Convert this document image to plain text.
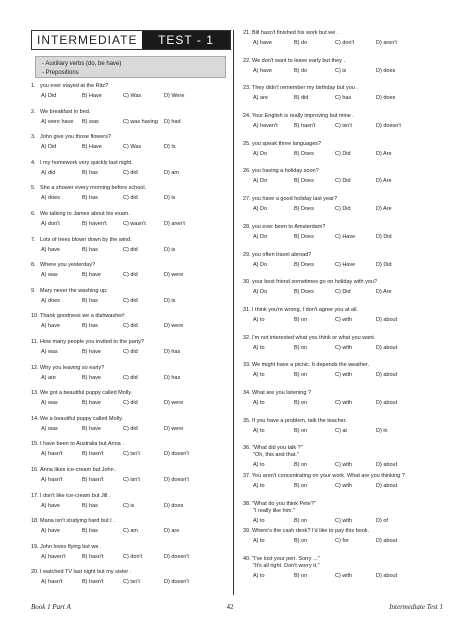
INTERMEDIATE	TEST - 1
- Auxiliary verbs (do, be have)
- Prepositions
1. you ever stayed at the Ritz?
A) Did	B) Have	C) Was	D) Were
2. We breakfast in bed.
A) were have	B) was	C) was having	D) had
3. John give you those flowers?
A) Did	B) Have	C) Was	D) Is
4. I my homework very quickly last night.
A) did	B) has	C) did	D) am
5. She a shower every morning before school.
A) does	B) has	C) did	D) is
6. We talking to James about his exam.
A) don't	B) haven't	C) wasn't	D) aren't
7. Lots of trees blown down by the wind.
A) have	B) has	C) did	D) is
8. Where you yesterday?
A) was	B) have	C) did	D) were
9. Mary never the washing up.
A) does	B) has	C) did	D) is
10. Thank goodness we a dishwasher!
A) have	B) has	C) did	D) were
11. How many people you invited to the party?
A) was	B) have	C) did	D) has
12. Why you leaving so early?
A) are	B) have	C) did	D) has
13. We got a beautiful puppy called Molly.
A) was	B) have	C) did	D) were
14. We a beautiful puppy called Molly.
A) was	B) have	C) did	D) were
15. I have been to Australia but Anna .
A) hasn't	B) hasn't	C) isn't	D) doesn't
16. Anna likes ice-cream but John .
A) hasn't	B) hasn't	C) isn't	D) doesn't
17. I don't like ice-cream but Jill .
A) have	B) has	C) is	D) does
18. Maria isn't studying hard but I .
A) have	B) has	C) am	D) are
19. John loves flying but we .
A) haven't	B) hasn't	C) don't	D) doesn't
20. I watched TV last night but my sister .
A) hasn't	B) hasn't	C) isn't	D) doesn't
21. Bill hasn't finished his work but we .
A) have	B) do	C) don't	D) aren't
22. We don't want to leave early but they .
A) have	B) do	C) is	D) does
23. They didn't remember my birthday but you .
A) are	B) did	C) has	D) does
24. Your English is really improving but mine .
A) haven't	B) hasn't	C) isn't	D) doesn't
25. you speak three languages?
A) Do	B) Does	C) Did	D) Are
26. you having a holiday soon?
A) Do	B) Does	C) Did	D) Are
27. you have a good holiday last year?
A) Do	B) Does	C) Did	D) Are
28. you ever been to Amsterdam?
A) Do	B) Does	C) Have	D) Did
29. you often travel abroad?
A) Do	B) Does	C) Have	D) Did
30. your best friend sometimes go on holiday with you?
A) Do	B) Does	C) Did	D) Are
31. I think you're wrong, I don't agree you at all.
A) to	B) on	C) with	D) about
32. I'm not interested what you think or what you want.
A) to	B) on	C) with	D) about
33. We might have a picnic. It depends the weather.
A) to	B) on	C) with	D) about
34. What are you listening ?
A) to	B) on	C) with	D) about
35. If you have a problem, talk the teacher.
A) to	B) on	C) at	D) in
36. "What did you talk ?"
"Oh, this and that."
A) to	B) on	C) with	D) about
37. You aren't concentrating on your work. What are you thinking ?
A) to	B) on	C) with	D) about
38. "What do you think Pete?"
"I really like him."
A) to	B) on	C) with	D) of
39. Where's the cash desk? I'd like to pay this book.
A) to	B) on	C) for	D) about
40. "I've lost your pen. Sorry ..."
"It's all right. Don't worry it."
A) to	B) on	C) with	D) about
Book 1 Part A	42	Intermediate Test 1
